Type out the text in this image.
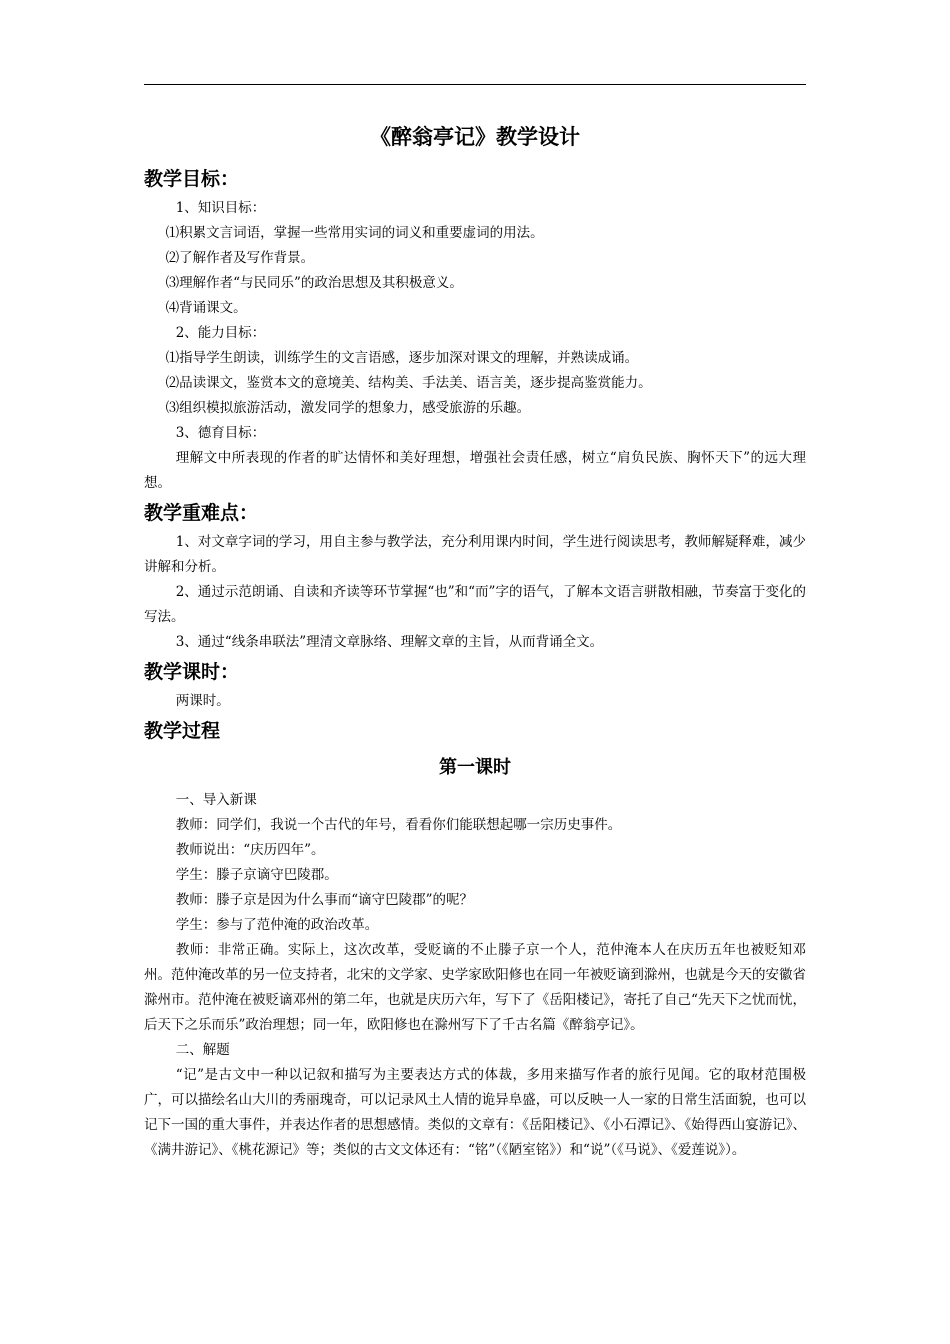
《醉翁亭记》教学设计
教学目标：

1、知识目标：

⑴积累文言词语，掌握一些常用实词的词义和重要虚词的用法。

⑵了解作者及写作背景。

⑶理解作者“与民同乐”的政治思想及其积极意义。

⑷背诵课文。

2、能力目标：

⑴指导学生朗读，训练学生的文言语感，逐步加深对课文的理解，并熟读成诵。

⑵品读课文，鉴赏本文的意境美、结构美、手法美、语言美，逐步提高鉴赏能力。

⑶组织模拟旅游活动，激发同学的想象力，感受旅游的乐趣。

3、德育目标：

理解文中所表现的作者的旷达情怀和美好理想，增强社会责任感，树立“肩负民族、胸怀天下”的远大理想。

教学重难点：

1、对文章字词的学习，用自主参与教学法，充分利用课内时间，学生进行阅读思考，教师解疑释难，减少讲解和分析。

2、通过示范朗诵、自读和齐读等环节掌握“也”和“而”字的语气，了解本文语言骈散相融，节奏富于变化的写法。

3、通过“线条串联法”理清文章脉络、理解文章的主旨，从而背诵全文。

教学课时：

两课时。

教学过程
第一课时

一、导入新课

教师：同学们，我说一个古代的年号，看看你们能联想起哪一宗历史事件。

教师说出：“庆历四年”。

学生：滕子京谪守巴陵郡。

教师：滕子京是因为什么事而“谪守巴陵郡”的呢？

学生：参与了范仲淹的政治改革。

教师：非常正确。实际上，这次改革，受贬谪的不止滕子京一个人，范仲淹本人在庆历五年也被贬知邓州。范仲淹改革的另一位支持者，北宋的文学家、史学家欧阳修也在同一年被贬谪到滁州，也就是今天的安徽省滁州市。范仲淹在被贬谪邓州的第二年，也就是庆历六年，写下了《岳阳楼记》，寄托了自己“先天下之忧而忧，后天下之乐而乐”政治理想；同一年，欧阳修也在滁州写下了千古名篇《醉翁亭记》。

二、解题

“记”是古文中一种以记叙和描写为主要表达方式的体裁，多用来描写作者的旅行见闻。它的取材范围极广，可以描绘名山大川的秀丽瑰奇，可以记录风土人情的诡异阜盛，可以反映一人一家的日常生活面貌，也可以记下一国的重大事件，并表达作者的思想感情。类似的文章有：《岳阳楼记》、《小石潭记》、《始得西山宴游记》、《满井游记》、《桃花源记》等；类似的古文文体还有：“铭”（《陋室铭》）和“说”（《马说》、《爱莲说》）。
